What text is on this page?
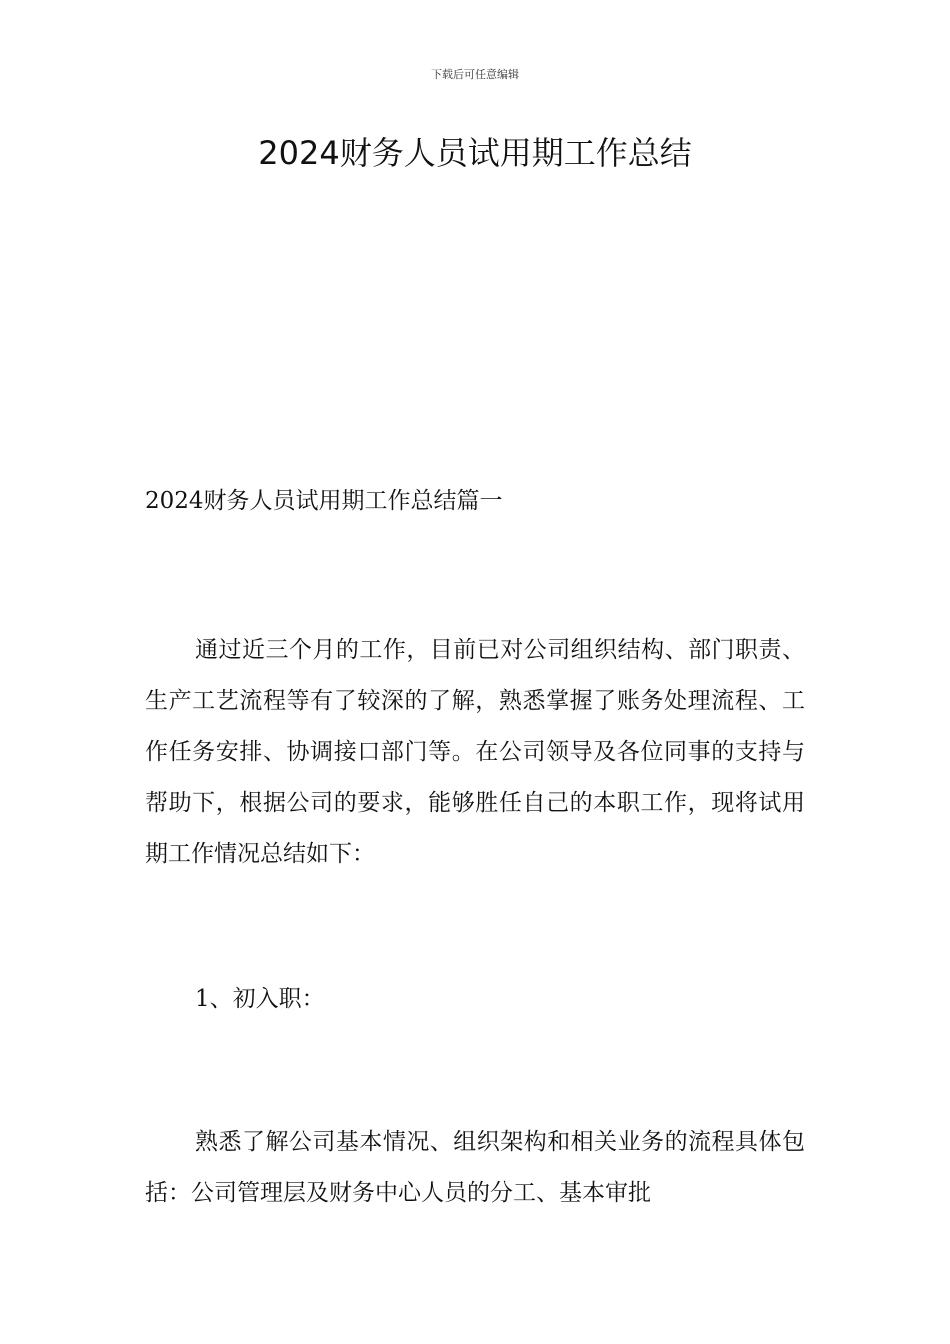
下载后可任意编辑
2024财务人员试用期工作总结
2024财务人员试用期工作总结篇一

通过近三个月的工作，目前已对公司组织结构、部门职责、生产工艺流程等有了较深的了解，熟悉掌握了账务处理流程、工作任务安排、协调接口部门等。在公司领导及各位同事的支持与帮助下，根据公司的要求，能够胜任自己的本职工作，现将试用期工作情况总结如下：

1、初入职：

熟悉了解公司基本情况、组织架构和相关业务的流程具体包括：公司管理层及财务中心人员的分工、基本审批
